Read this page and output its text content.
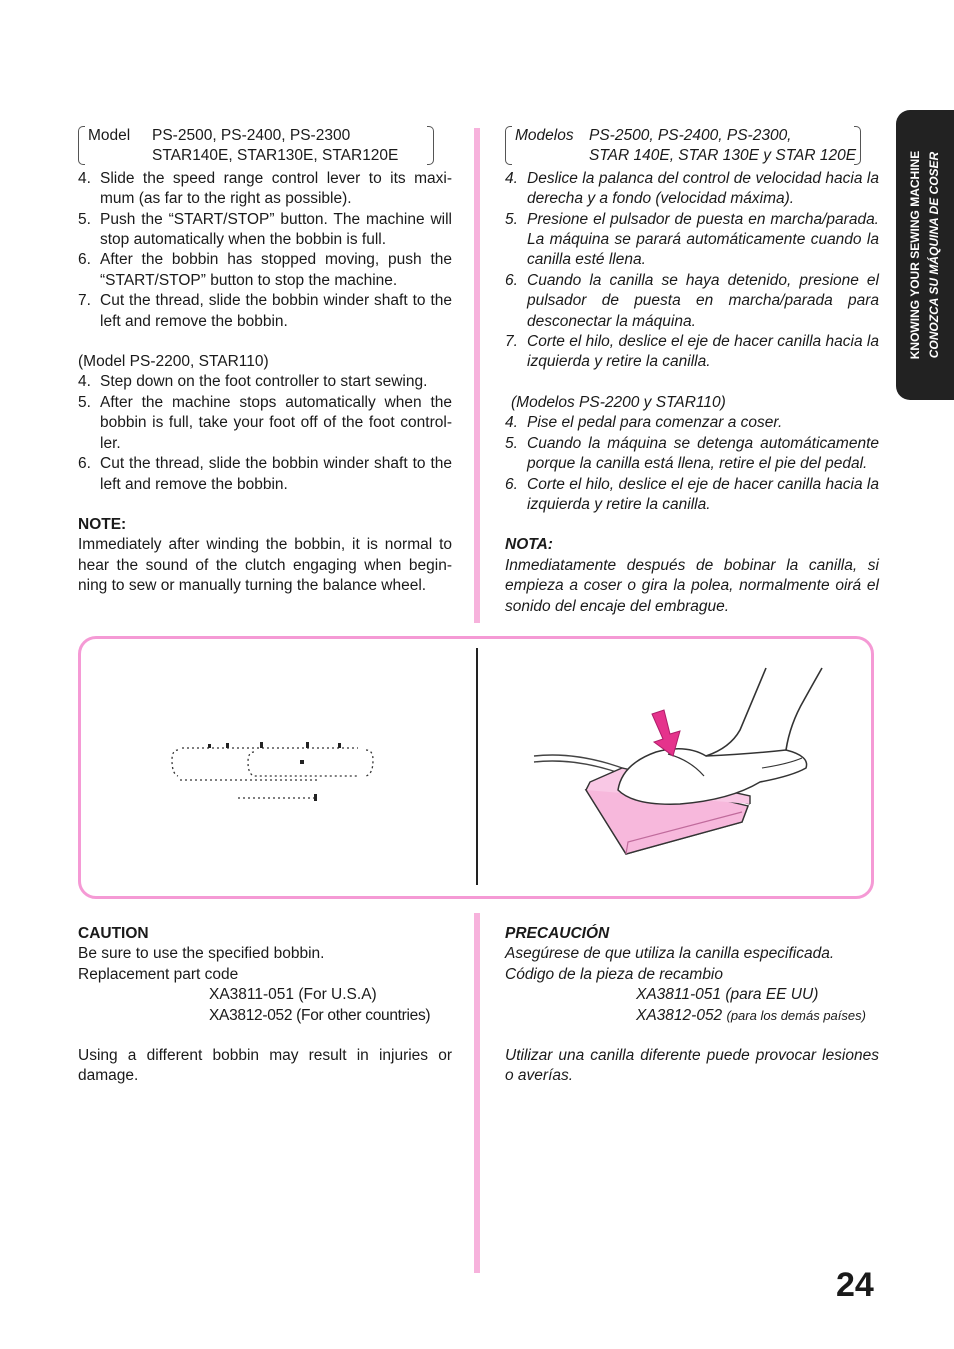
KNOWING YOUR SEWING MACHINE CONOZCA SU MÁQUINA DE COSER
Model	PS-2500, PS-2400, PS-2300
STAR140E, STAR130E, STAR120E
4. Slide the speed range control lever to its maxi-mum (as far to the right as possible).
5. Push the “START/STOP” button. The machine will stop automatically when the bobbin is full.
6. After the bobbin has stopped moving, push the “START/STOP” button to stop the machine.
7. Cut the thread, slide the bobbin winder shaft to the left and remove the bobbin.
(Model PS-2200, STAR110)
4. Step down on the foot controller to start sewing.
5. After the machine stops automatically when the bobbin is full, take your foot off of the foot control-ler.
6. Cut the thread, slide the bobbin winder shaft to the left and remove the bobbin.
NOTE:

Immediately after winding the bobbin, it is normal to hear the sound of the clutch engaging when begin-ning to sew or manually turning the balance wheel.

Modelos PS-2500, PS-2400, PS-2300,
STAR 140E, STAR 130E y STAR 120E
4. Deslice la palanca del control de velocidad hacia la derecha y a fondo (velocidad máxima).
5. Presione el pulsador de puesta en marcha/parada. La máquina se parará automáticamente cuando la canilla esté llena.
6. Cuando la canilla se haya detenido, presione el pulsador de puesta en marcha/parada para desconectar la máquina.
7. Corte el hilo, deslice el eje de hacer canilla hacia la izquierda y retire la canilla.
(Modelos PS-2200 y STAR110)
4. Pise el pedal para comenzar a coser.
5. Cuando la máquina se detenga automáticamente porque la canilla está llena, retire el pie del pedal.
6. Corte el hilo, deslice el eje de hacer canilla hacia la izquierda y retire la canilla.
NOTA:

Inmediatamente después de bobinar la canilla, si empieza a coser o gira la polea, normalmente oirá el sonido del encaje del embrague.

CAUTION
Be sure to use the specified bobbin.
Replacement part code
XA3811-051 (For U.S.A)
XA3812-052 (For other countries)

Using a different bobbin may result in injuries or damage.

PRECAUCIÓN
Asegúrese de que utiliza la canilla especificada.
Código de la pieza de recambio
XA3811-051 (para EE UU)
XA3812-052 (para los demás países)

Utilizar una canilla diferente puede provocar lesiones o averías.

24
